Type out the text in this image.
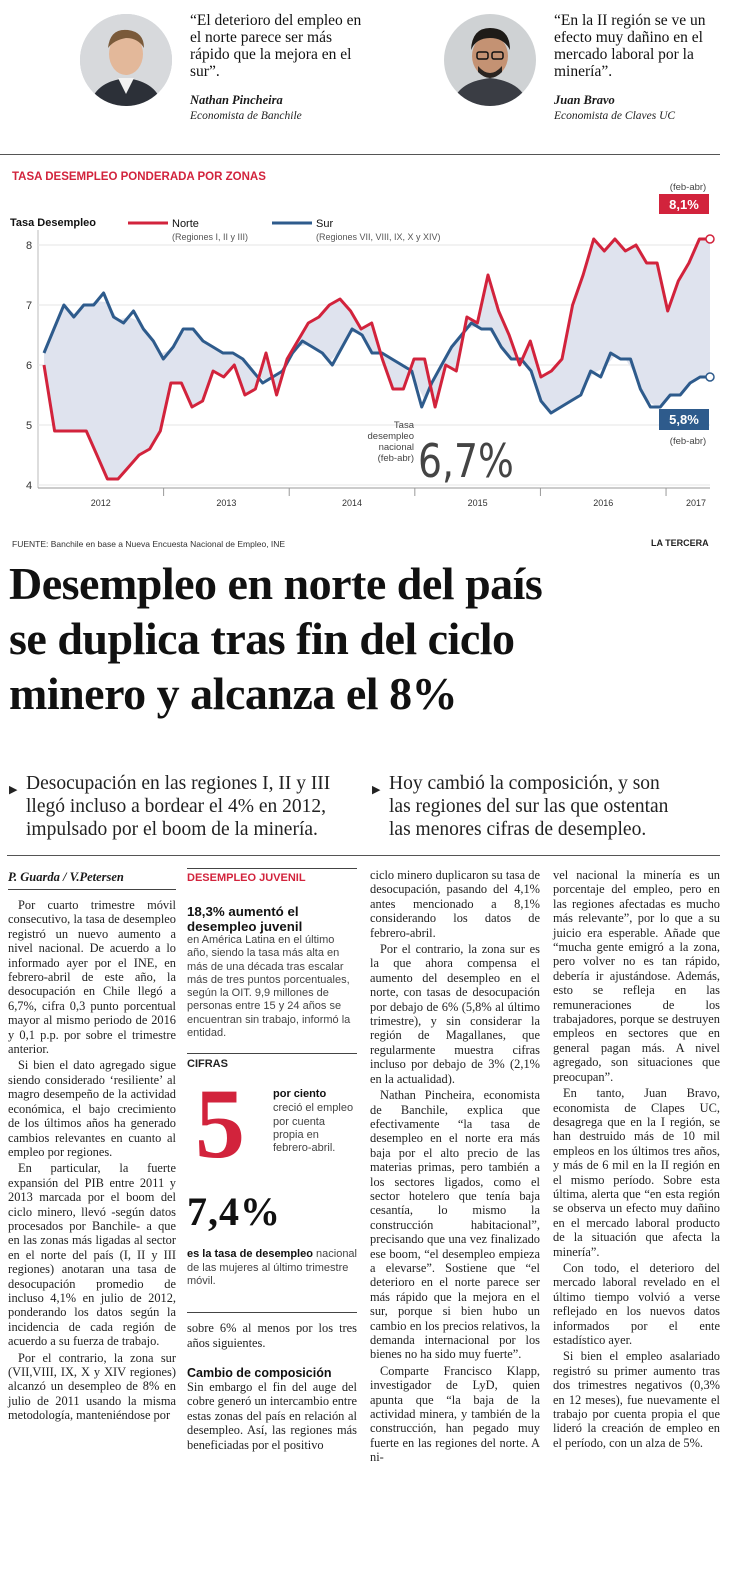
“El deterioro del empleo en el norte parece ser más rápido que la mejora en el sur”.
Nathan Pincheira
Economista de Banchile
“En la II región se ve un efecto muy dañino en el mercado laboral por la minería”.
Juan Bravo
Economista de Claves UC
TASA DESEMPLEO PONDERADA POR ZONAS
8
7
6
5
4
2012	2013	2014	2015	2016	2017
Tasa Desempleo	Norte
(Regiones I, II y III)
Sur
(Regiones VII, VIII, IX, X y XIV)
(feb-abr)
8,1%
5,8%
(feb-abr)
Tasa
desempleo
nacional
(feb-abr) 6,7%
FUENTE: Banchile en base a Nueva Encuesta Nacional de Empleo, INE	LA TERCERA
Desempleo en norte del país
se duplica tras fin del ciclo
minero y alcanza el 8%
▶ Desocupación en las regiones I, II y III
llegó incluso a bordear el 4% en 2012,
impulsado por el boom de la minería.
▶ Hoy cambió la composición, y son
las regiones del sur las que ostentan
las menores cifras de desempleo.
P. Guarda / V.Petersen

Por cuarto trimestre móvil consecutivo, la tasa de desempleo registró un nuevo aumento a nivel nacional. De acuerdo a lo informado ayer por el INE, en febrero-abril de este año, la desocupación en Chile llegó a 6,7%, cifra 0,3 punto porcentual mayor al mismo periodo de 2016 y 0,1 p.p. por sobre el trimestre anterior.

Si bien el dato agregado sigue siendo considerado ‘resiliente’ al magro desempeño de la actividad económica, el bajo crecimiento de los últimos años ha generado cambios relevantes en cuanto al empleo por regiones.

En particular, la fuerte expansión del PIB entre 2011 y 2013 marcada por el boom del ciclo minero, llevó -según datos procesados por Banchile- a que en las zonas más ligadas al sector en el norte del país (I, II y III regiones) anotaran una tasa de desocupación promedio de incluso 4,1% en julio de 2012, ponderando los datos según la incidencia de cada región de acuerdo a su fuerza de trabajo.

Por el contrario, la zona sur (VII,VIII, IX, X y XIV regiones) alcanzó un desempleo de 8% en julio de 2011 usando la misma metodología, manteniéndose por

DESEMPLEO JUVENIL
18,3% aumentó el desempleo juvenil
en América Latina en el último año, siendo la tasa más alta en más de una década tras escalar más de tres puntos porcentuales, según la OIT. 9,9 millones de personas entre 15 y 24 años se encuentran sin trabajo, informó la entidad.
CIFRAS
5	por ciento
creció el empleo por cuenta propia en febrero-abril.
7,4%
es la tasa de desempleo nacional de las mujeres al último trimestre móvil.
sobre 6% al menos por los tres años siguientes.
Cambio de composición
Sin embargo el fin del auge del cobre generó un intercambio entre estas zonas del país en relación al desempleo. Así, las regiones más beneficiadas por el positivo

ciclo minero duplicaron su tasa de desocupación, pasando del 4,1% antes mencionado a 8,1% considerando los datos de febrero-abril.

Por el contrario, la zona sur es la que ahora compensa el aumento del desempleo en el norte, con tasas de desocupación por debajo de 6% (5,8% al último trimestre), y sin considerar la región de Magallanes, que regularmente muestra cifras incluso por debajo de 3% (2,1% en la actualidad).

Nathan Pincheira, economista de Banchile, explica que efectivamente “la tasa de desempleo en el norte era más baja por el alto precio de las materias primas, pero también a los sectores ligados, como el sector hotelero que tenía baja cesantía, lo mismo la construcción habitacional”, precisando que una vez finalizado ese boom, “el desempleo empieza a elevarse”. Sostiene que “el deterioro en el norte parece ser más rápido que la mejora en el sur, porque si bien hubo un cambio en los precios relativos, la demanda internacional por los bienes no ha sido muy fuerte”.

Comparte Francisco Klapp, investigador de LyD, quien apunta que “la baja de la actividad minera, y también de la construcción, han pegado muy fuerte en las regiones del norte. A ni-

vel nacional la minería es un porcentaje del empleo, pero en las regiones afectadas es mucho más relevante”, por lo que a su juicio era esperable. Añade que “mucha gente emigró a la zona, pero volver no es tan rápido, debería ir ajustándose. Además, esto se refleja en las remuneraciones de los trabajadores, porque se destruyen empleos en sectores que en general pagan más. A nivel agregado, son situaciones que preocupan”.

En tanto, Juan Bravo, economista de Clapes UC, desagrega que en la I región, se han destruido más de 10 mil empleos en los últimos tres años, y más de 6 mil en la II región en el mismo período. Sobre esta última, alerta que “en esta región se observa un efecto muy dañino en el mercado laboral producto de la situación que afecta la minería”.

Con todo, el deterioro del mercado laboral revelado en el último tiempo volvió a verse reflejado en los nuevos datos informados por el ente estadístico ayer.

Si bien el empleo asalariado registró su primer aumento tras dos trimestres negativos (0,3% en 12 meses), fue nuevamente el trabajo por cuenta propia el que lideró la creación de empleo en el período, con un alza de 5%.
